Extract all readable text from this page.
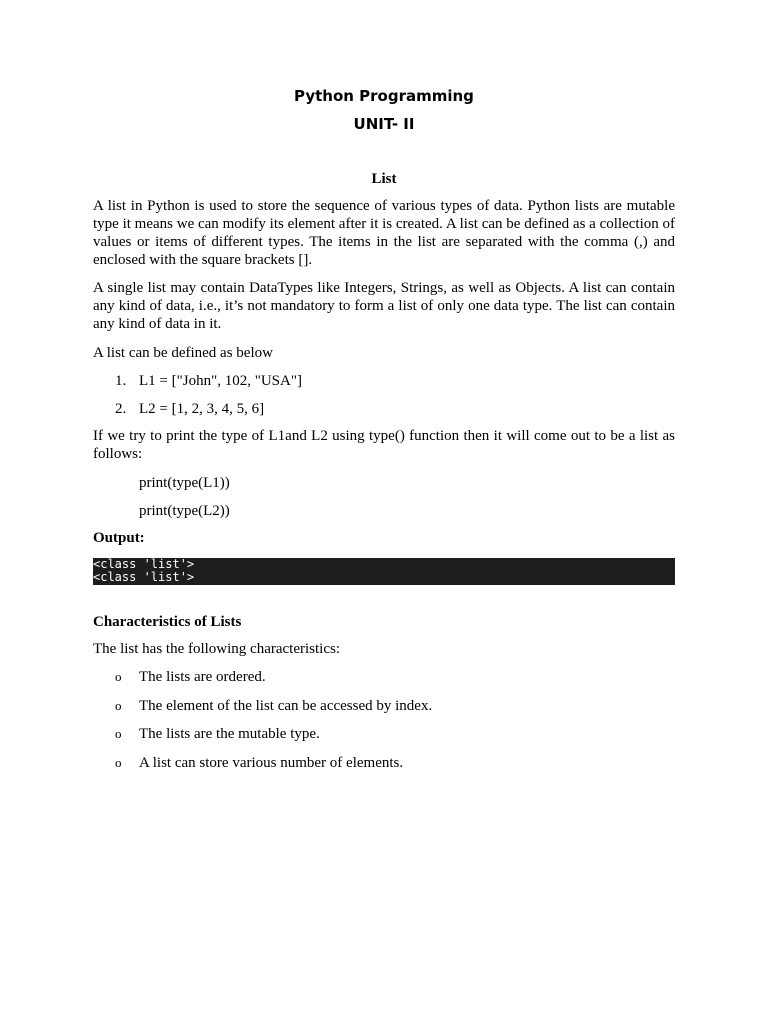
Python Programming
UNIT- II
List
A list in Python is used to store the sequence of various types of data. Python lists are mutable type it means we can modify its element after it is created. A list can be defined as a collection of values or items of different types. The items in the list are separated with the comma (,) and enclosed with the square brackets [].
A single list may contain DataTypes like Integers, Strings, as well as Objects. A list can contain any kind of data, i.e., it’s not mandatory to form a list of only one data type. The list can contain any kind of data in it.
A list can be defined as below
1. L1 = ["John", 102, "USA"]
2. L2 = [1, 2, 3, 4, 5, 6]
If we try to print the type of L1and L2 using type() function then it will come out to be a list as follows:
print(type(L1))
print(type(L2))
Output:
<class 'list'>
<class 'list'>
Characteristics of Lists
The list has the following characteristics:
o The lists are ordered.
o The element of the list can be accessed by index.
o The lists are the mutable type.
o A list can store various number of elements.
